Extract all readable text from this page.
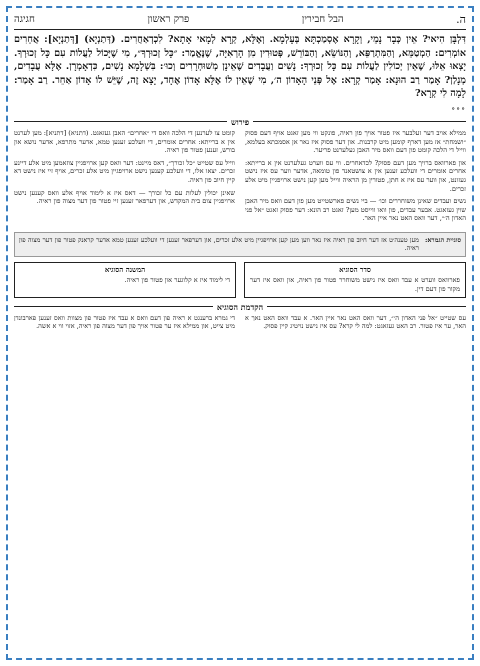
ה.
הבל חבירין
פרק ראשון
חגיגה
דִּלְבָּן הִיאי? אֵין כְּבָר נָמֵי, וְקָרָא אֶסְמַכְתָּא בְּעָלְמָא. וְאֶלָּא, קְרָא לְמָאי אָתָא? לִכְדְאַחֲרִים. (דְּתַנְיָא) [דְּתַנְיָא]: אֲחֵרִים אוֹמְרִים: הַמְטַמֵּא, וְהַמִּתְרַפֵּא, וְהַנּוֹשֵׂא, וְהַבּוֹרֵשׁ, פְּטוּרִין מִן הָרְאִיָּה, שֶׁנֶּאֱמַר: ״כָּל זְכוּרְךָ״, מִי שֶׁיָּכוֹל לַעֲלוֹת עִם כָּל זְכוּרְךָ. יָצְאוּ אֵלּוּ, שֶׁאֵין יְכוֹלִין לַעֲלוֹת עִם כָּל זְכוּרְךָ: נָשִׁים וַעֲבָדִים שֶׁאֵינָן מְשׁוּחְרָרִים וְכוּ׳: בִּשְׁלָמָא נָשִׁים, כִּדְאָמְרָן. אֶלָּא עֲבָדִים, מְנָלַן? אָמַר רַב הוּנָא: אָמַר קְרָא: אֶל פְּנֵי הָאָדוֹן ה׳, מִי שֶׁאֵין לוֹ אֶלָּא אָדוֹן אֶחָד, יָצָא זֶה, שֶׁיֵּשׁ לוֹ אָדוֹן אַחֵר. רַב אָמַר: לָמָה לִי קְרָא?
∘∘∘
פירוש

ממילא אויב דער זעלבער איז פטור אויך פון ראיה, פונקט ווי מען זאגט אויף דעם פסוק ״ושמחת״ אז מען דארף קומען מיט קרבנות. און דער פסוק איז נאר אן אסמכתא בעלמא, ווייל די הלכה קומט פון דעם וואס מיר האבן געלערנט פריער.

און פארוואס ברויך מען דעם פסוק? לכדאחרים. ווי עס ווערט געלערנט אין א ברייתא: אחרים אומרים די וועלכע זענען אין א צושטאנד פון טומאה, אדער ווער עס איז נישט געזונט, און ווער עס איז א חתן, פטורין מן הראיה ווייל מען קען נישט ארויפגיין מיט אלע זכרים.

נשים ועבדים שאינן משוחררים וכו׳ — ביי נשים פארשטייט מען פון דעם וואס מיר האבן שוין געזאגט. אבער עבדים, פון וואו ווייסט מען? זאגט רב הונא: דער פסוק זאגט ״אל פני האדון ה׳״, דער וואס האט נאר איין האר.

קומט צו לערנען די הלכה וואס די ״אחרים״ האבן געזאגט. (דתניא) [דתניא]: מען לערנט אין א ברייתא: אחרים אומרים, די וועלכע זענען טמא, אדער מתרפא, אדער נושא און בורש, זענען פטור פון ראיה.

ווייל עס שטייט ״כל זכורך״, דאס מיינט: דער וואס קען ארויפגיין צוזאמען מיט אלע דיינע זכרים. יצאו אלו, די וועלכע קענען נישט ארויפגיין מיט אלע זכרים, אויף זיי איז נישט דא קיין חיוב פון ראיה.

שאינן יכולין לעלות עם כל זכורך — דאס איז א לימוד אויף אלע וואס קענען נישט ארויפגיין צום בית המקדש, און דערפאר זענען זיי פטור פון דער מצוה פון ראיה.

סוגיית הגמרא:
מען טענה׳ט אז דער חיוב פון ראיה איז נאר ווען מען קען ארויפגיין מיט אלע זכרים, און דערפאר זענען די וועלכע זענען טמא אדער קראנק פטור פון דער מצוה פון ראיה.
סדר הסוגיא
פארוואס ווערט א עבד וואס איז נישט משוחרר פטור פון ראיה, און וואס איז דער מקור פון דעם דין.
המשנה הסוגיא
די לימוד איז א קלוגער און פטור פון ראיה.
הקדמת הסוגיא

עס שטייט ״אל פני האדון ה׳״, דער וואס האט נאר איין האר. א עבד וואס האט נאך א האר, ער איז פטור. רב האט געזאגט: למה לי קרא? עס איז נישט נויטיג קיין פסוק.

די גמרא ברענגט א ראיה פון דעם וואס א עבד איז פטור פון מצוות וואס זענען פארבונדן מיט צייט, און ממילא איז ער פטור אויך פון דער מצוה פון ראיה, אזוי ווי א אשה.
